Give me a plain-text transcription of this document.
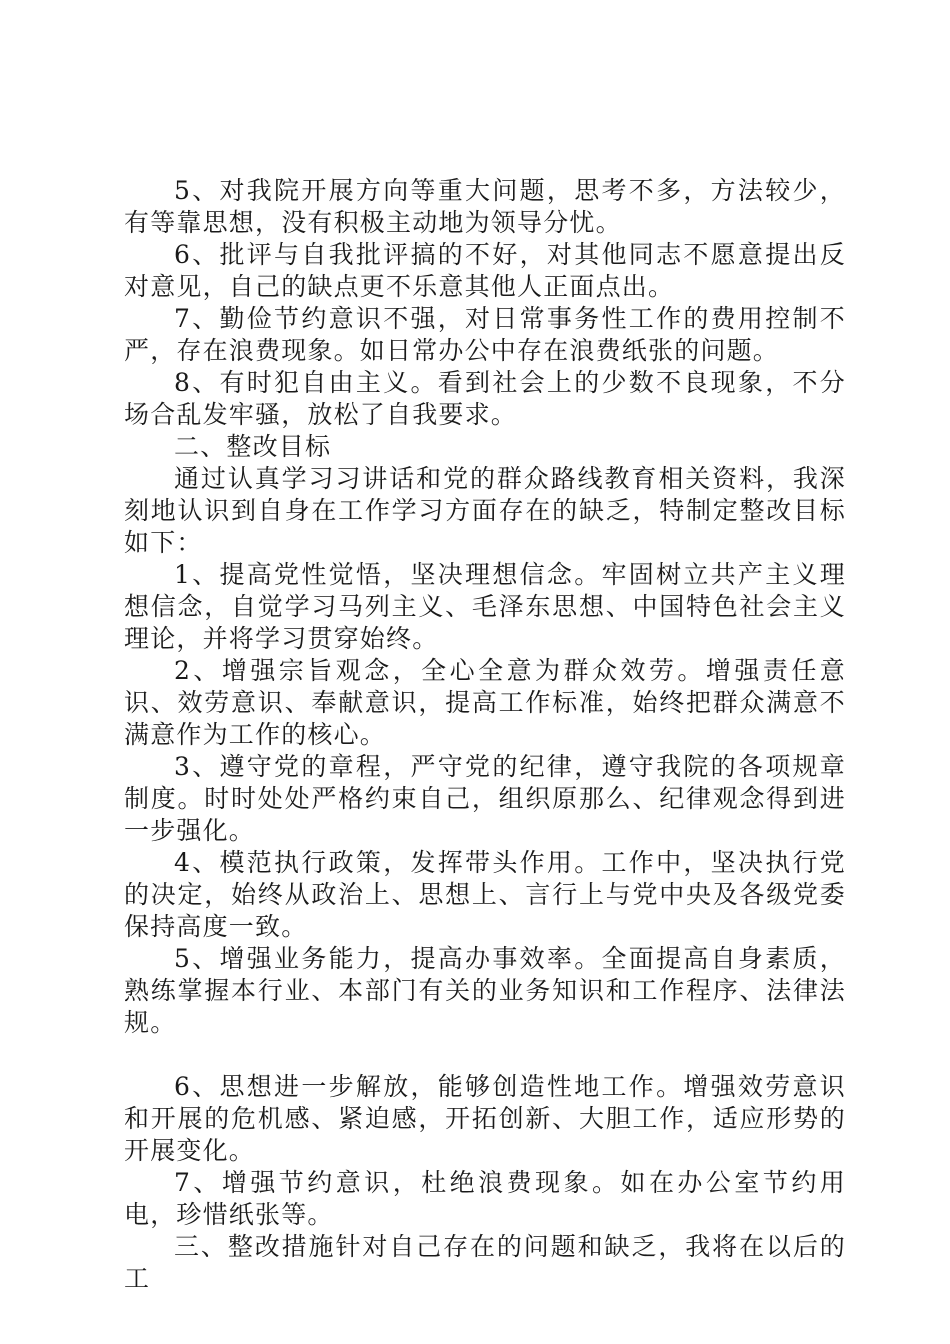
5、对我院开展方向等重大问题，思考不多，方法较少，有等靠思想，没有积极主动地为领导分忧。

6、批评与自我批评搞的不好，对其他同志不愿意提出反对意见，自己的缺点更不乐意其他人正面点出。

7、勤俭节约意识不强，对日常事务性工作的费用控制不严，存在浪费现象。如日常办公中存在浪费纸张的问题。

8、有时犯自由主义。看到社会上的少数不良现象，不分场合乱发牢骚，放松了自我要求。

二、整改目标

通过认真学习习讲话和党的群众路线教育相关资料，我深刻地认识到自身在工作学习方面存在的缺乏，特制定整改目标如下：

1、提高党性觉悟，坚决理想信念。牢固树立共产主义理想信念，自觉学习马列主义、毛泽东思想、中国特色社会主义理论，并将学习贯穿始终。

2、增强宗旨观念，全心全意为群众效劳。增强责任意识、效劳意识、奉献意识，提高工作标准，始终把群众满意不满意作为工作的核心。

3、遵守党的章程，严守党的纪律，遵守我院的各项规章制度。时时处处严格约束自己，组织原那么、纪律观念得到进一步强化。

4、模范执行政策，发挥带头作用。工作中，坚决执行党的决定，始终从政治上、思想上、言行上与党中央及各级党委保持高度一致。

5、增强业务能力，提高办事效率。全面提高自身素质，熟练掌握本行业、本部门有关的业务知识和工作程序、法律法规。

6、思想进一步解放，能够创造性地工作。增强效劳意识和开展的危机感、紧迫感，开拓创新、大胆工作，适应形势的开展变化。

7、增强节约意识，杜绝浪费现象。如在办公室节约用电，珍惜纸张等。

三、整改措施针对自己存在的问题和缺乏，我将在以后的工
